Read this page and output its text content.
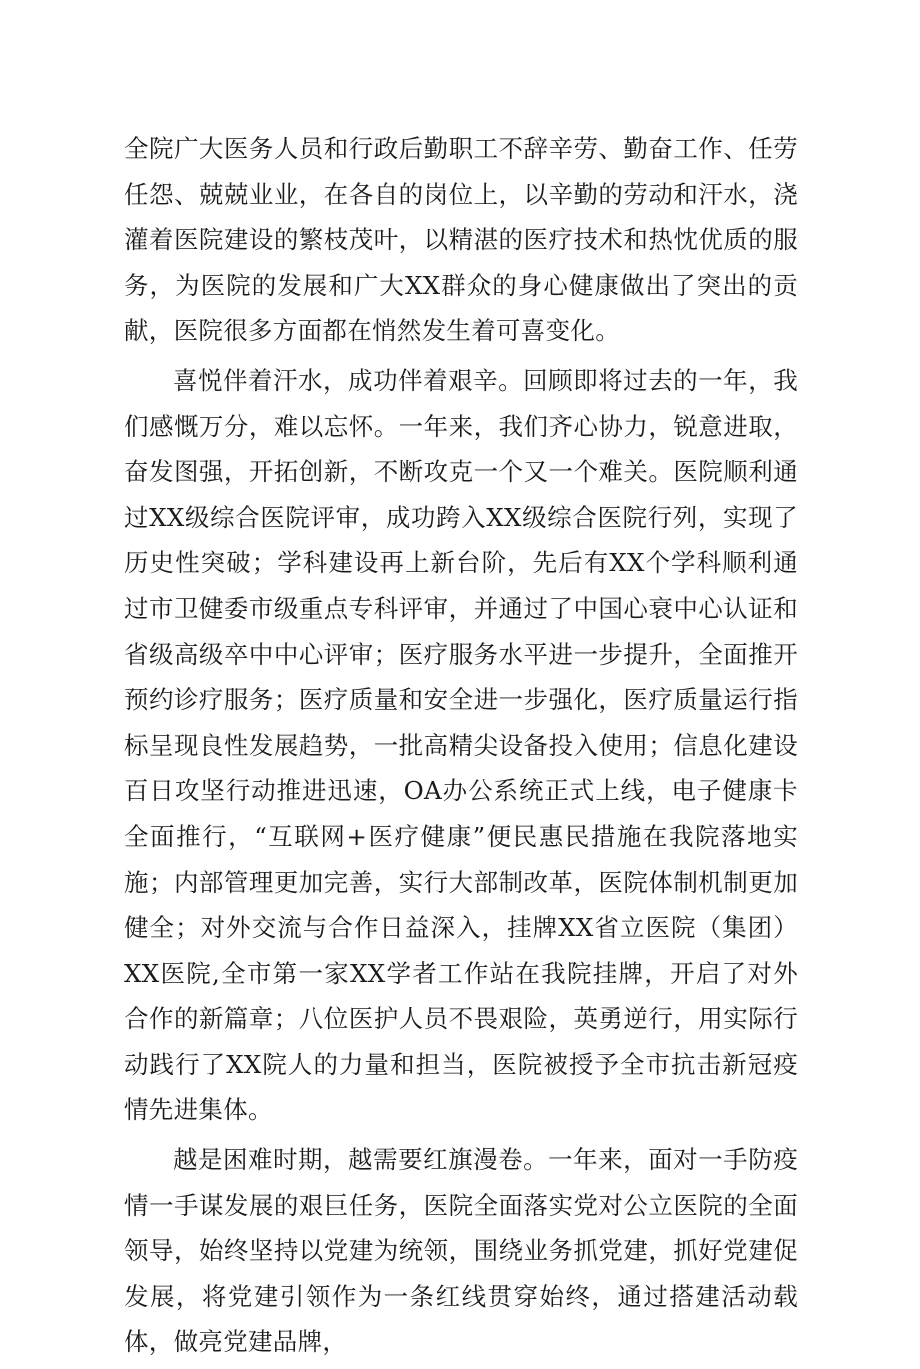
全院广大医务人员和行政后勤职工不辞辛劳、勤奋工作、任劳任怨、兢兢业业，在各自的岗位上，以辛勤的劳动和汗水，浇灌着医院建设的繁枝茂叶，以精湛的医疗技术和热忱优质的服务，为医院的发展和广大XX群众的身心健康做出了突出的贡献，医院很多方面都在悄然发生着可喜变化。

喜悦伴着汗水，成功伴着艰辛。回顾即将过去的一年，我们感慨万分，难以忘怀。一年来，我们齐心协力，锐意进取，奋发图强，开拓创新，不断攻克一个又一个难关。医院顺利通过XX级综合医院评审，成功跨入XX级综合医院行列，实现了历史性突破；学科建设再上新台阶，先后有XX个学科顺利通过市卫健委市级重点专科评审，并通过了中国心衰中心认证和省级高级卒中中心评审；医疗服务水平进一步提升，全面推开预约诊疗服务；医疗质量和安全进一步强化，医疗质量运行指标呈现良性发展趋势，一批高精尖设备投入使用；信息化建设百日攻坚行动推进迅速，OA办公系统正式上线，电子健康卡全面推行，“互联网+医疗健康”便民惠民措施在我院落地实施；内部管理更加完善，实行大部制改革，医院体制机制更加健全；对外交流与合作日益深入，挂牌XX省立医院（集团）XX医院,全市第一家XX学者工作站在我院挂牌，开启了对外合作的新篇章；八位医护人员不畏艰险，英勇逆行，用实际行动践行了XX院人的力量和担当，医院被授予全市抗击新冠疫情先进集体。

越是困难时期，越需要红旗漫卷。一年来，面对一手防疫情一手谋发展的艰巨任务，医院全面落实党对公立医院的全面领导，始终坚持以党建为统领，围绕业务抓党建，抓好党建促发展，将党建引领作为一条红线贯穿始终，通过搭建活动载体，做亮党建品牌，
